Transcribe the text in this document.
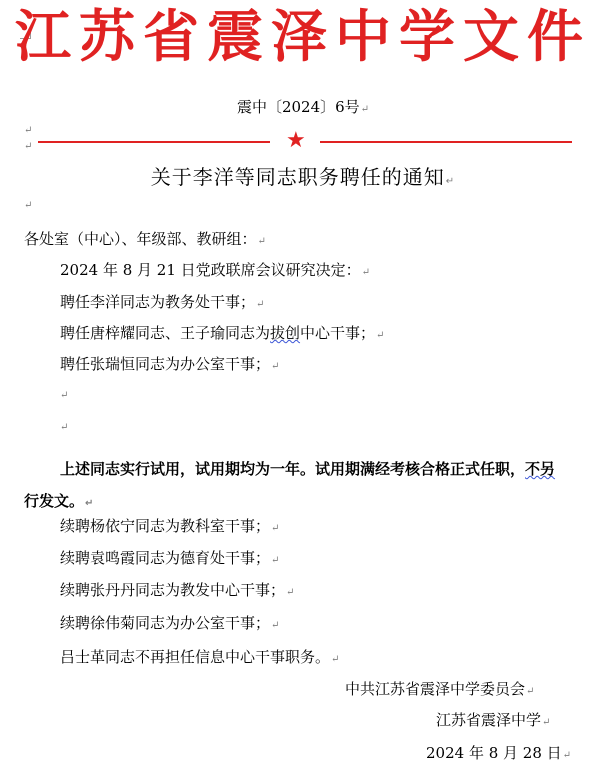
江苏省震泽中学文件
震中〔2024〕6号↵
↵
↵	★
关于李洋等同志职务聘任的通知↵
↵
各处室（中心）、年级部、教研组：↵
2024 年 8 月 21 日党政联席会议研究决定：↵
聘任李洋同志为教务处干事；↵
聘任唐梓耀同志、王子瑜同志为拔创中心干事；↵
聘任张瑞恒同志为办公室干事；↵
↵
↵
上述同志实行试用，试用期均为一年。试用期满经考核合格正式任职，不另行发文。↵
续聘杨依宁同志为教科室干事；↵
续聘袁鸣霞同志为德育处干事；↵
续聘张丹丹同志为教发中心干事；↵
续聘徐伟菊同志为办公室干事；↵
吕士革同志不再担任信息中心干事职务。↵
中共江苏省震泽中学委员会↵
江苏省震泽中学↵
2024 年 8 月 28 日↵
